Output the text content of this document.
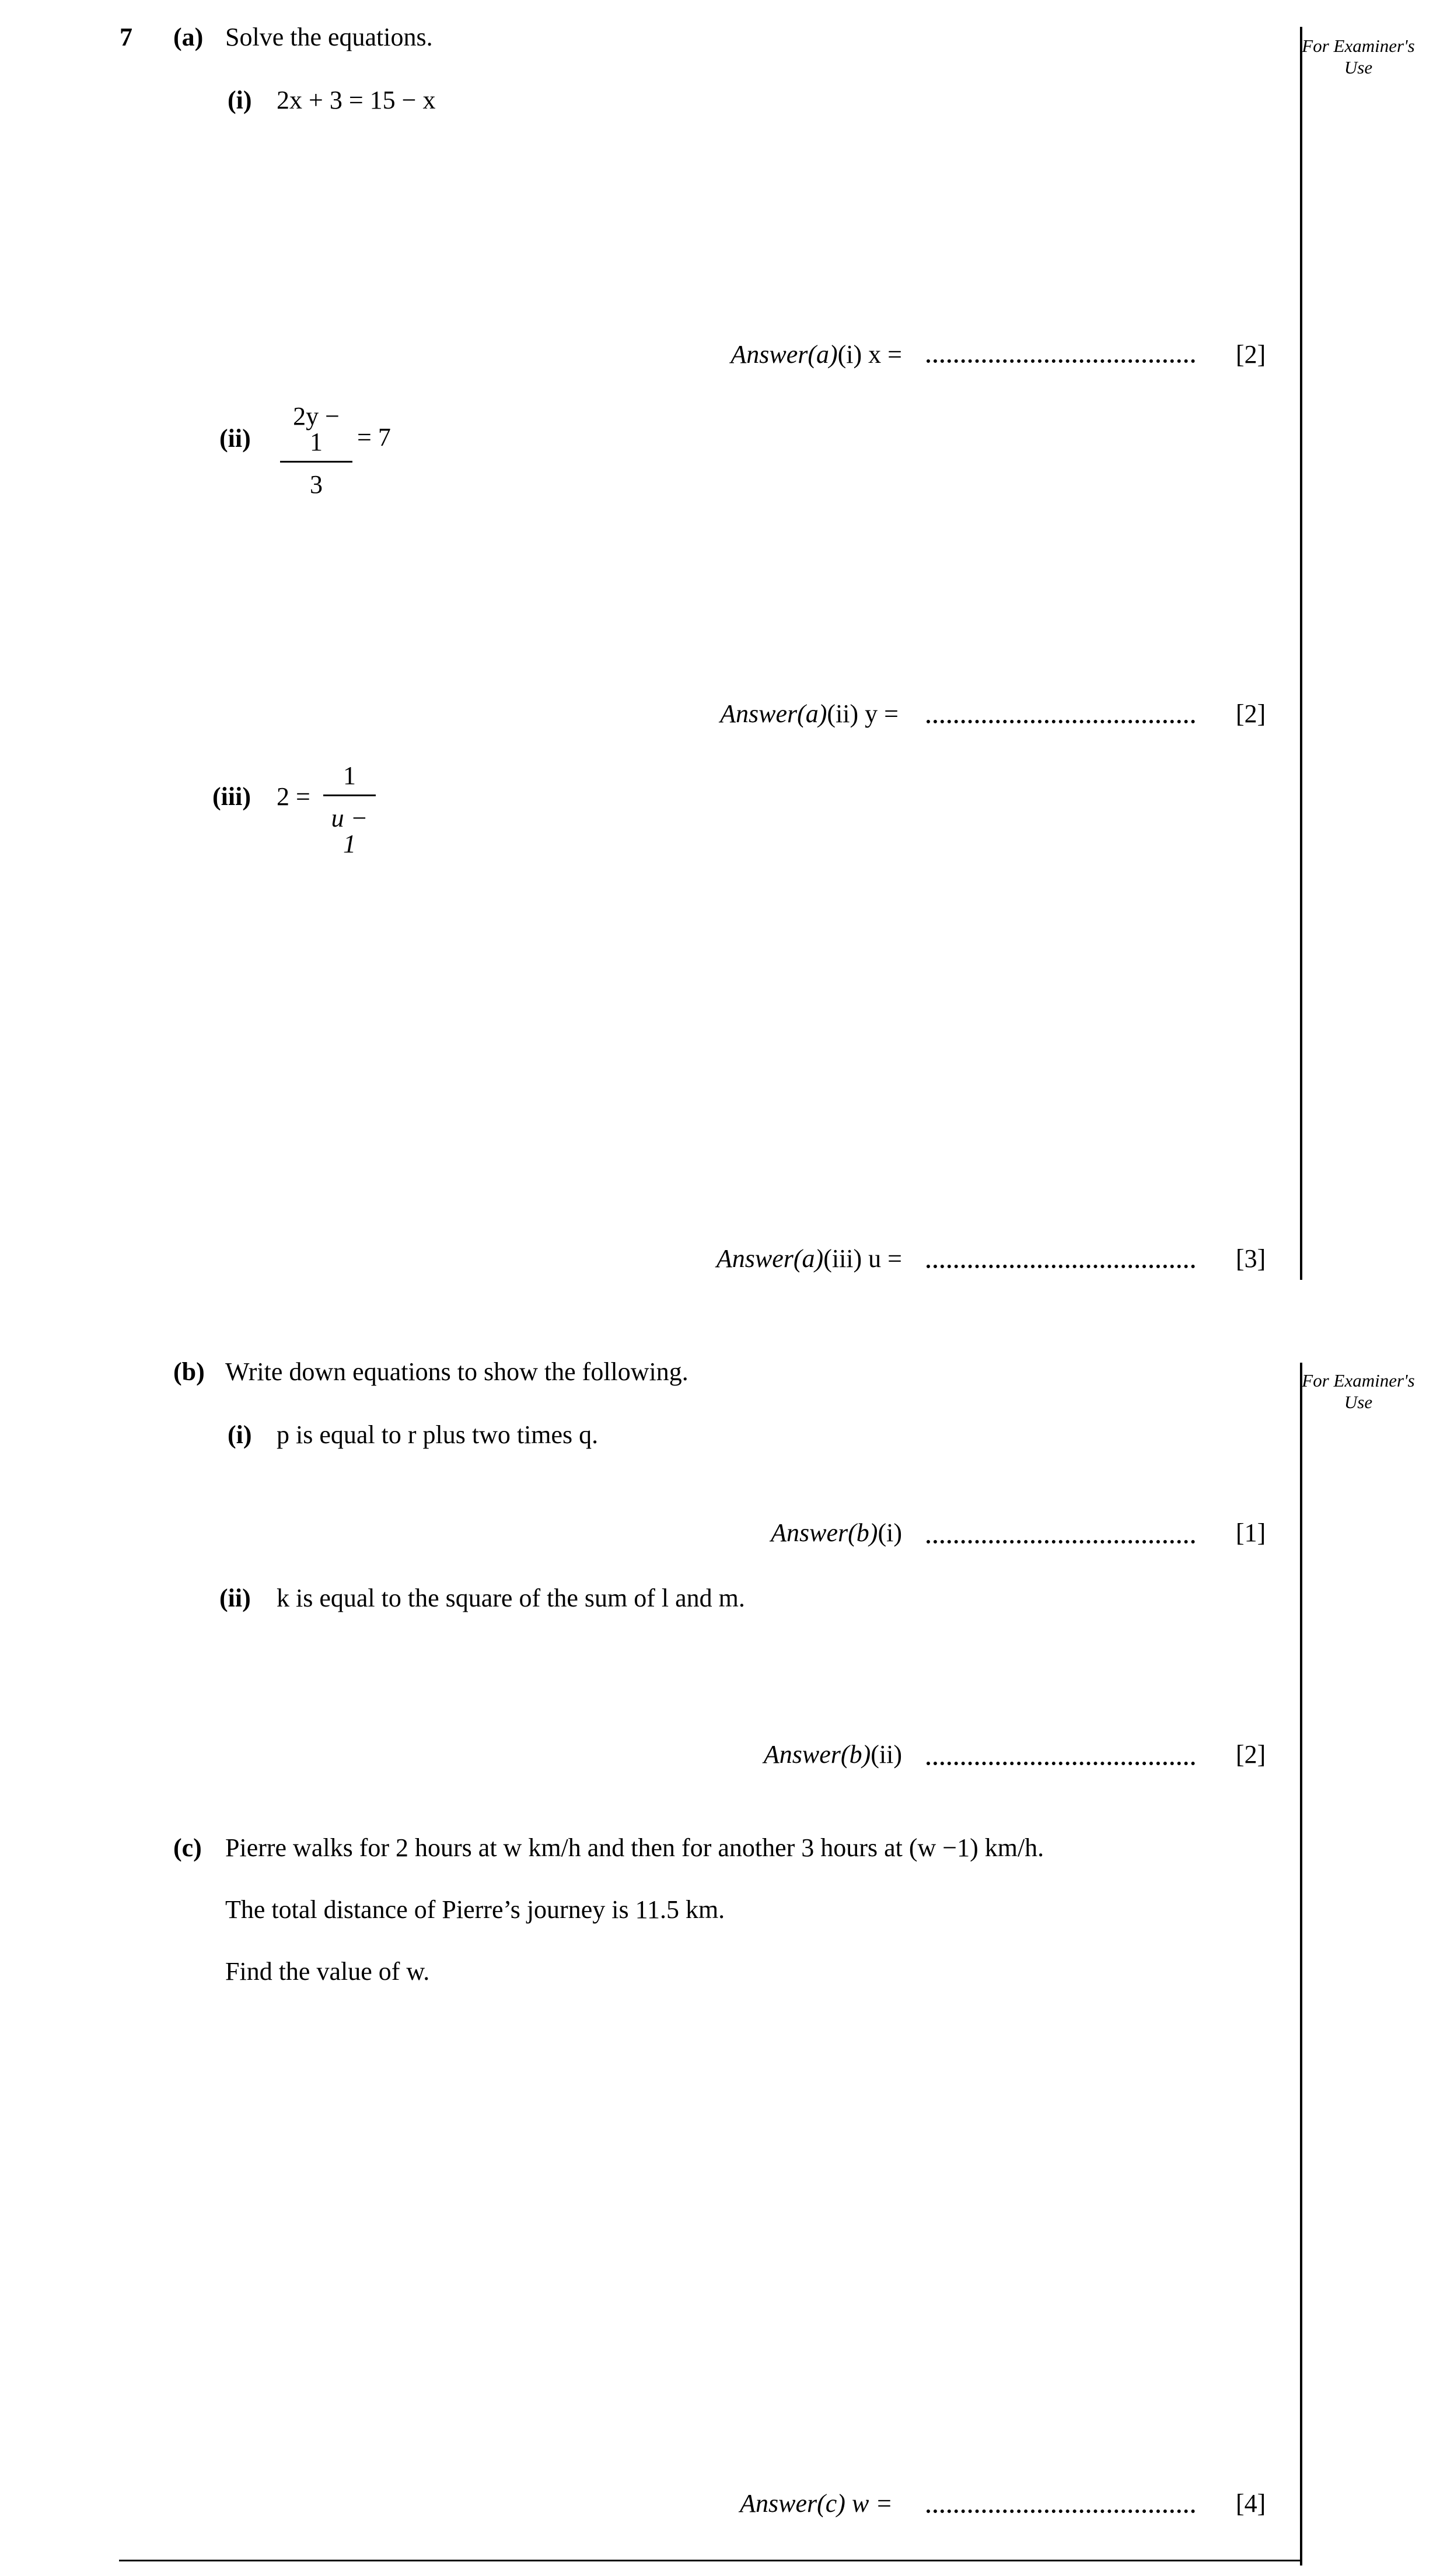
For Examiner's Use
For Examiner's Use
7 (a) Solve the equations.
(i) 2x + 3 = 15 − x
Answer(a)(i) x =	[2]
(ii)
2y − 1
3
= 7
Answer(a)(ii) y =	[2]
(iii) 2 =
1
u − 1
Answer(a)(iii) u =	[3]
(b) Write down equations to show the following.
(i) p is equal to r plus two times q.
Answer(b)(i)	[1]
(ii) k is equal to the square of the sum of l and m.
Answer(b)(ii)	[2]
(c) Pierre walks for 2 hours at w km/h and then for another 3 hours at (w −1) km/h.
The total distance of Pierre’s journey is 11.5 km.
Find the value of w.
Answer(c) w =	[4]
